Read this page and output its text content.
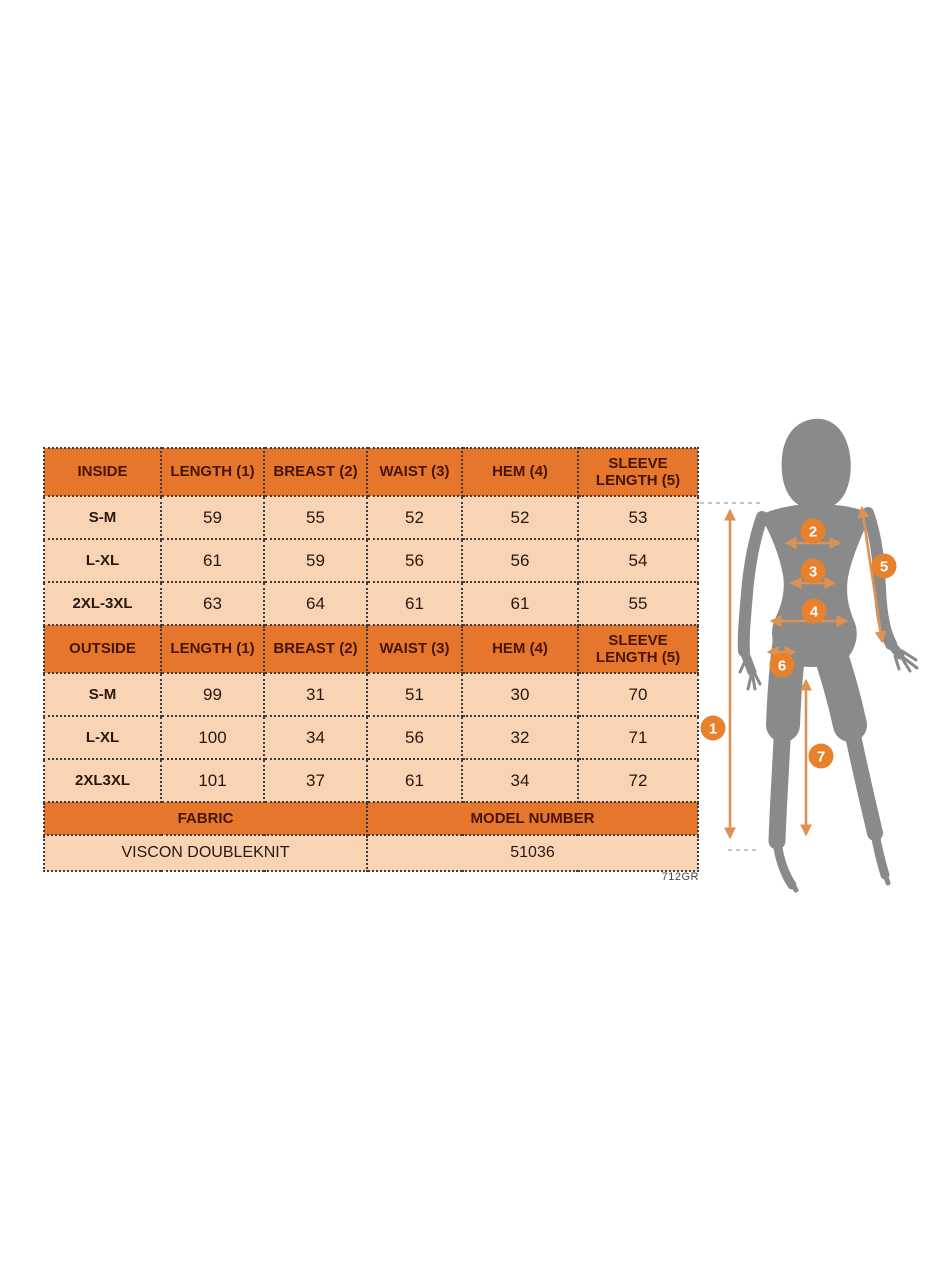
INSIDE	LENGTH (1)	BREAST (2)	WAIST (3)	HEM (4)	SLEEVE LENGTH (5)
S-M	59	55	52	52	53
L-XL	61	59	56	56	54
2XL-3XL	63	64	61	61	55
OUTSIDE	LENGTH (1)	BREAST (2)	WAIST (3)	HEM (4)	SLEEVE LENGTH (5)
S-M	99	31	51	30	70
L-XL	100	34	56	32	71
2XL3XL	101	37	61	34	72
FABRIC			MODEL NUMBER		
VISCON DOUBLEKNIT			51036		
712GR
1
2
3
4
5
6
7
